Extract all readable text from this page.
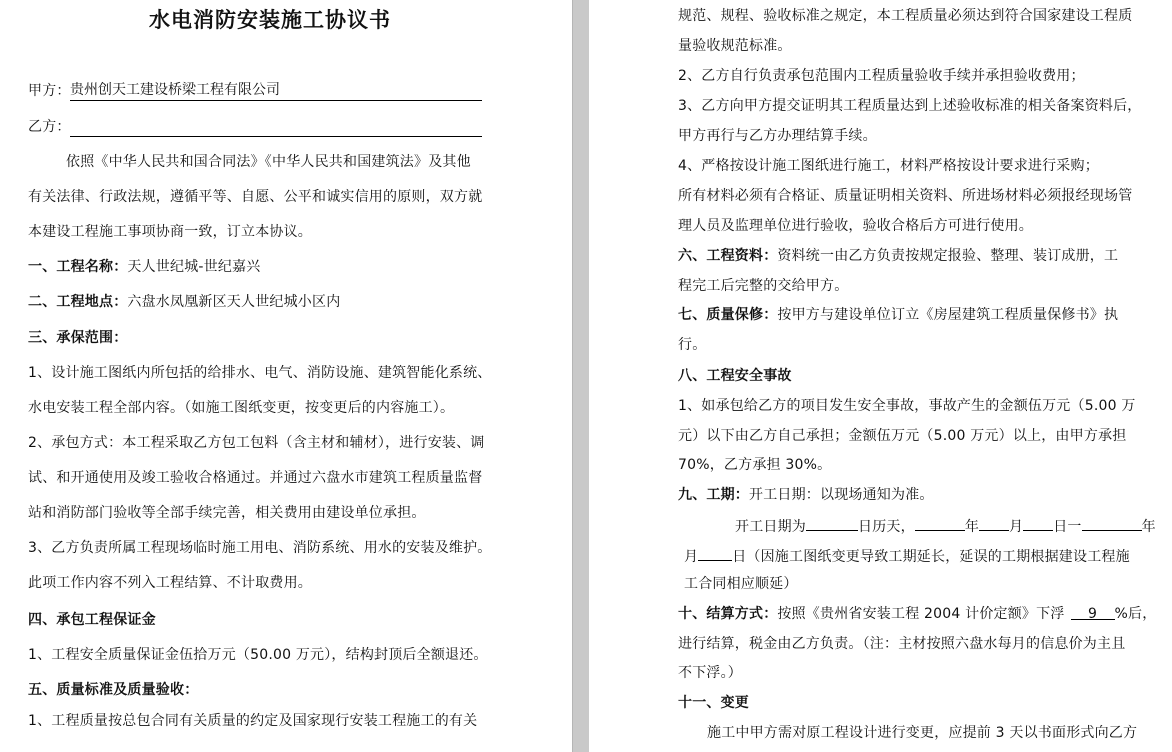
水电消防安装施工协议书
甲方： 贵州创天工建设桥梁工程有限公司
乙方：
依照《中华人民共和国合同法》《中华人民共和国建筑法》及其他
有关法律、行政法规，遵循平等、自愿、公平和诚实信用的原则，双方就
本建设工程施工事项协商一致，订立本协议。
一、工程名称：天人世纪城-世纪嘉兴
二、工程地点：六盘水凤凰新区天人世纪城小区内
三、承保范围：
1、设计施工图纸内所包括的给排水、电气、消防设施、建筑智能化系统、
水电安装工程全部内容。（如施工图纸变更，按变更后的内容施工）。
2、承包方式：本工程采取乙方包工包料（含主材和辅材），进行安装、调
试、和开通使用及竣工验收合格通过。并通过六盘水市建筑工程质量监督
站和消防部门验收等全部手续完善，相关费用由建设单位承担。
3、乙方负责所属工程现场临时施工用电、消防系统、用水的安装及维护。
此项工作内容不列入工程结算、不计取费用。
四、承包工程保证金
1、工程安全质量保证金伍拾万元（50.00 万元），结构封顶后全额退还。
五、质量标准及质量验收：
1、工程质量按总包合同有关质量的约定及国家现行安装工程施工的有关
规范、规程、验收标准之规定，本工程质量必须达到符合国家建设工程质
量验收规范标准。
2、乙方自行负责承包范围内工程质量验收手续并承担验收费用；
3、乙方向甲方提交证明其工程质量达到上述验收标准的相关备案资料后，
甲方再行与乙方办理结算手续。
4、严格按设计施工图纸进行施工，材料严格按设计要求进行采购；
所有材料必须有合格证、质量证明相关资料、所进场材料必须报经现场管
理人员及监理单位进行验收，验收合格后方可进行使用。
六、工程资料：资料统一由乙方负责按规定报验、整理、装订成册，工
程完工后完整的交给甲方。
七、质量保修：按甲方与建设单位订立《房屋建筑工程质量保修书》执
行。
八、工程安全事故
1、如承包给乙方的项目发生安全事故，事故产生的金额伍万元（5.00 万
元）以下由乙方自己承担；金额伍万元（5.00 万元）以上，由甲方承担
70%，乙方承担 30%。
九、工期：开工日期：以现场通知为准。
开工日期为	日历天，	年 月 日一	年
月 日（因施工图纸变更导致工期延长，延误的工期根据建设工程施
工合同相应顺延）
十、结算方式：按照《贵州省安装工程 2004 计价定额》下浮 9 %后，
进行结算，税金由乙方负责。（注：主材按照六盘水每月的信息价为主且
不下浮。）
十一、变更
施工中甲方需对原工程设计进行变更，应提前 3 天以书面形式向乙方
